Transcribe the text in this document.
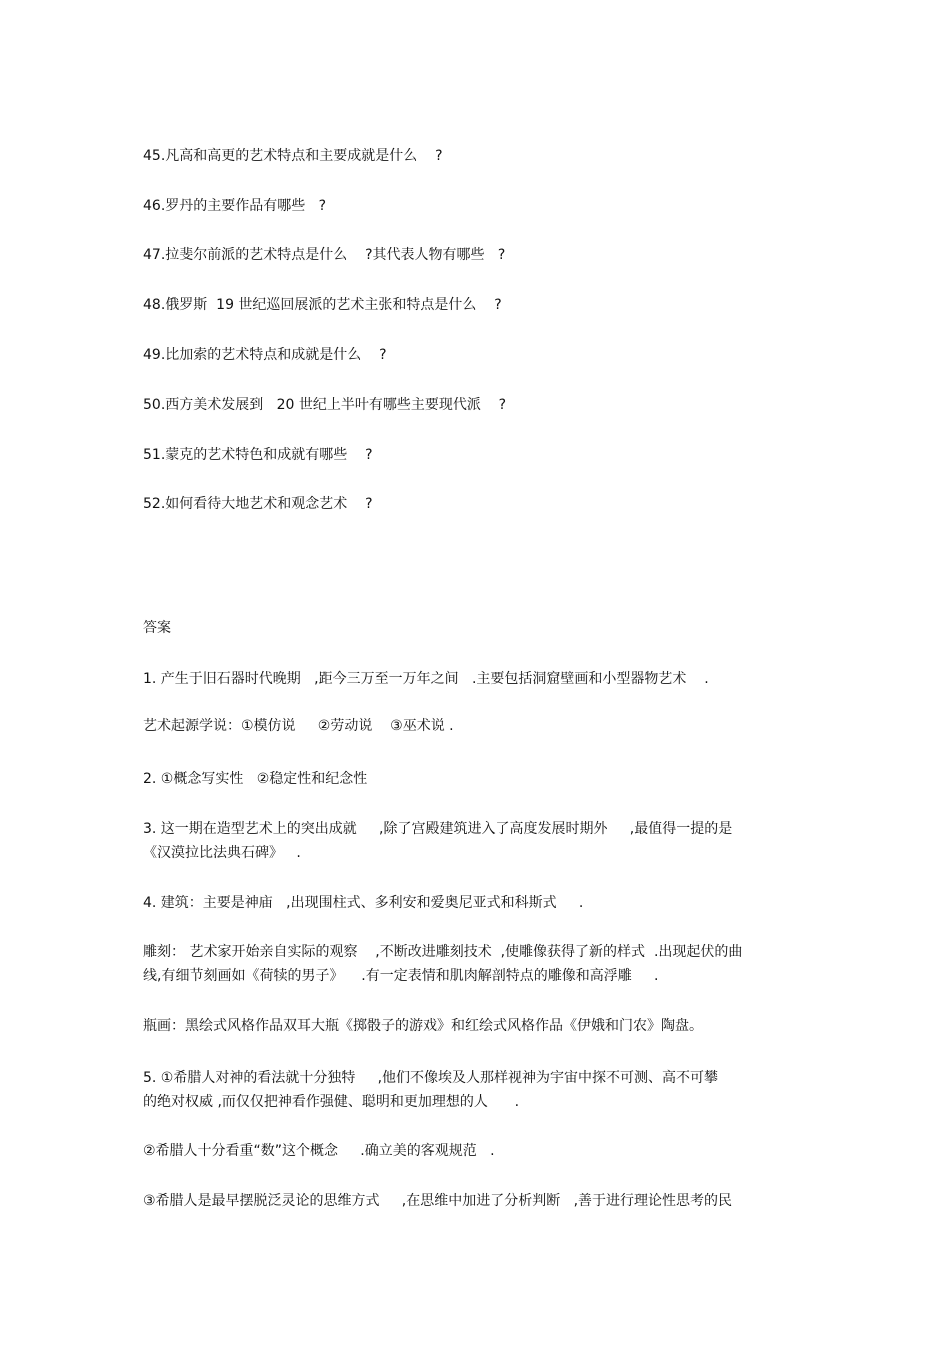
45.凡高和高更的艺术特点和主要成就是什么    ?
46.罗丹的主要作品有哪些   ?
47.拉斐尔前派的艺术特点是什么    ?其代表人物有哪些   ?
48.俄罗斯  19 世纪巡回展派的艺术主张和特点是什么    ?
49.比加索的艺术特点和成就是什么    ?
50.西方美术发展到   20 世纪上半叶有哪些主要现代派    ?
51.蒙克的艺术特色和成就有哪些    ?
52.如何看待大地艺术和观念艺术    ?
答案
1. 产生于旧石器时代晚期   ,距今三万至一万年之间   .主要包括洞窟壁画和小型器物艺术    .
艺术起源学说：①模仿说     ②劳动说    ③巫术说 .
2. ①概念写实性   ②稳定性和纪念性
3. 这一期在造型艺术上的突出成就     ,除了宫殿建筑进入了高度发展时期外     ,最值得一提的是
《汉漠拉比法典石碑》   .
4. 建筑：主要是神庙   ,出现围柱式、多利安和爱奥尼亚式和科斯式     .
雕刻： 艺术家开始亲自实际的观察    ,不断改进雕刻技术  ,使雕像获得了新的样式  .出现起伏的曲
线,有细节刻画如《荷犊的男子》    .有一定表情和肌肉解剖特点的雕像和高浮雕     .
瓶画：黑绘式风格作品双耳大瓶《掷骰子的游戏》和红绘式风格作品《伊娥和门农》陶盘。
5. ①希腊人对神的看法就十分独特     ,他们不像埃及人那样视神为宇宙中探不可测、高不可攀
的绝对权威 ,而仅仅把神看作强健、聪明和更加理想的人      .
②希腊人十分看重“数”这个概念     .确立美的客观规范   .
③希腊人是最早摆脱泛灵论的思维方式     ,在思维中加进了分析判断   ,善于进行理论性思考的民
